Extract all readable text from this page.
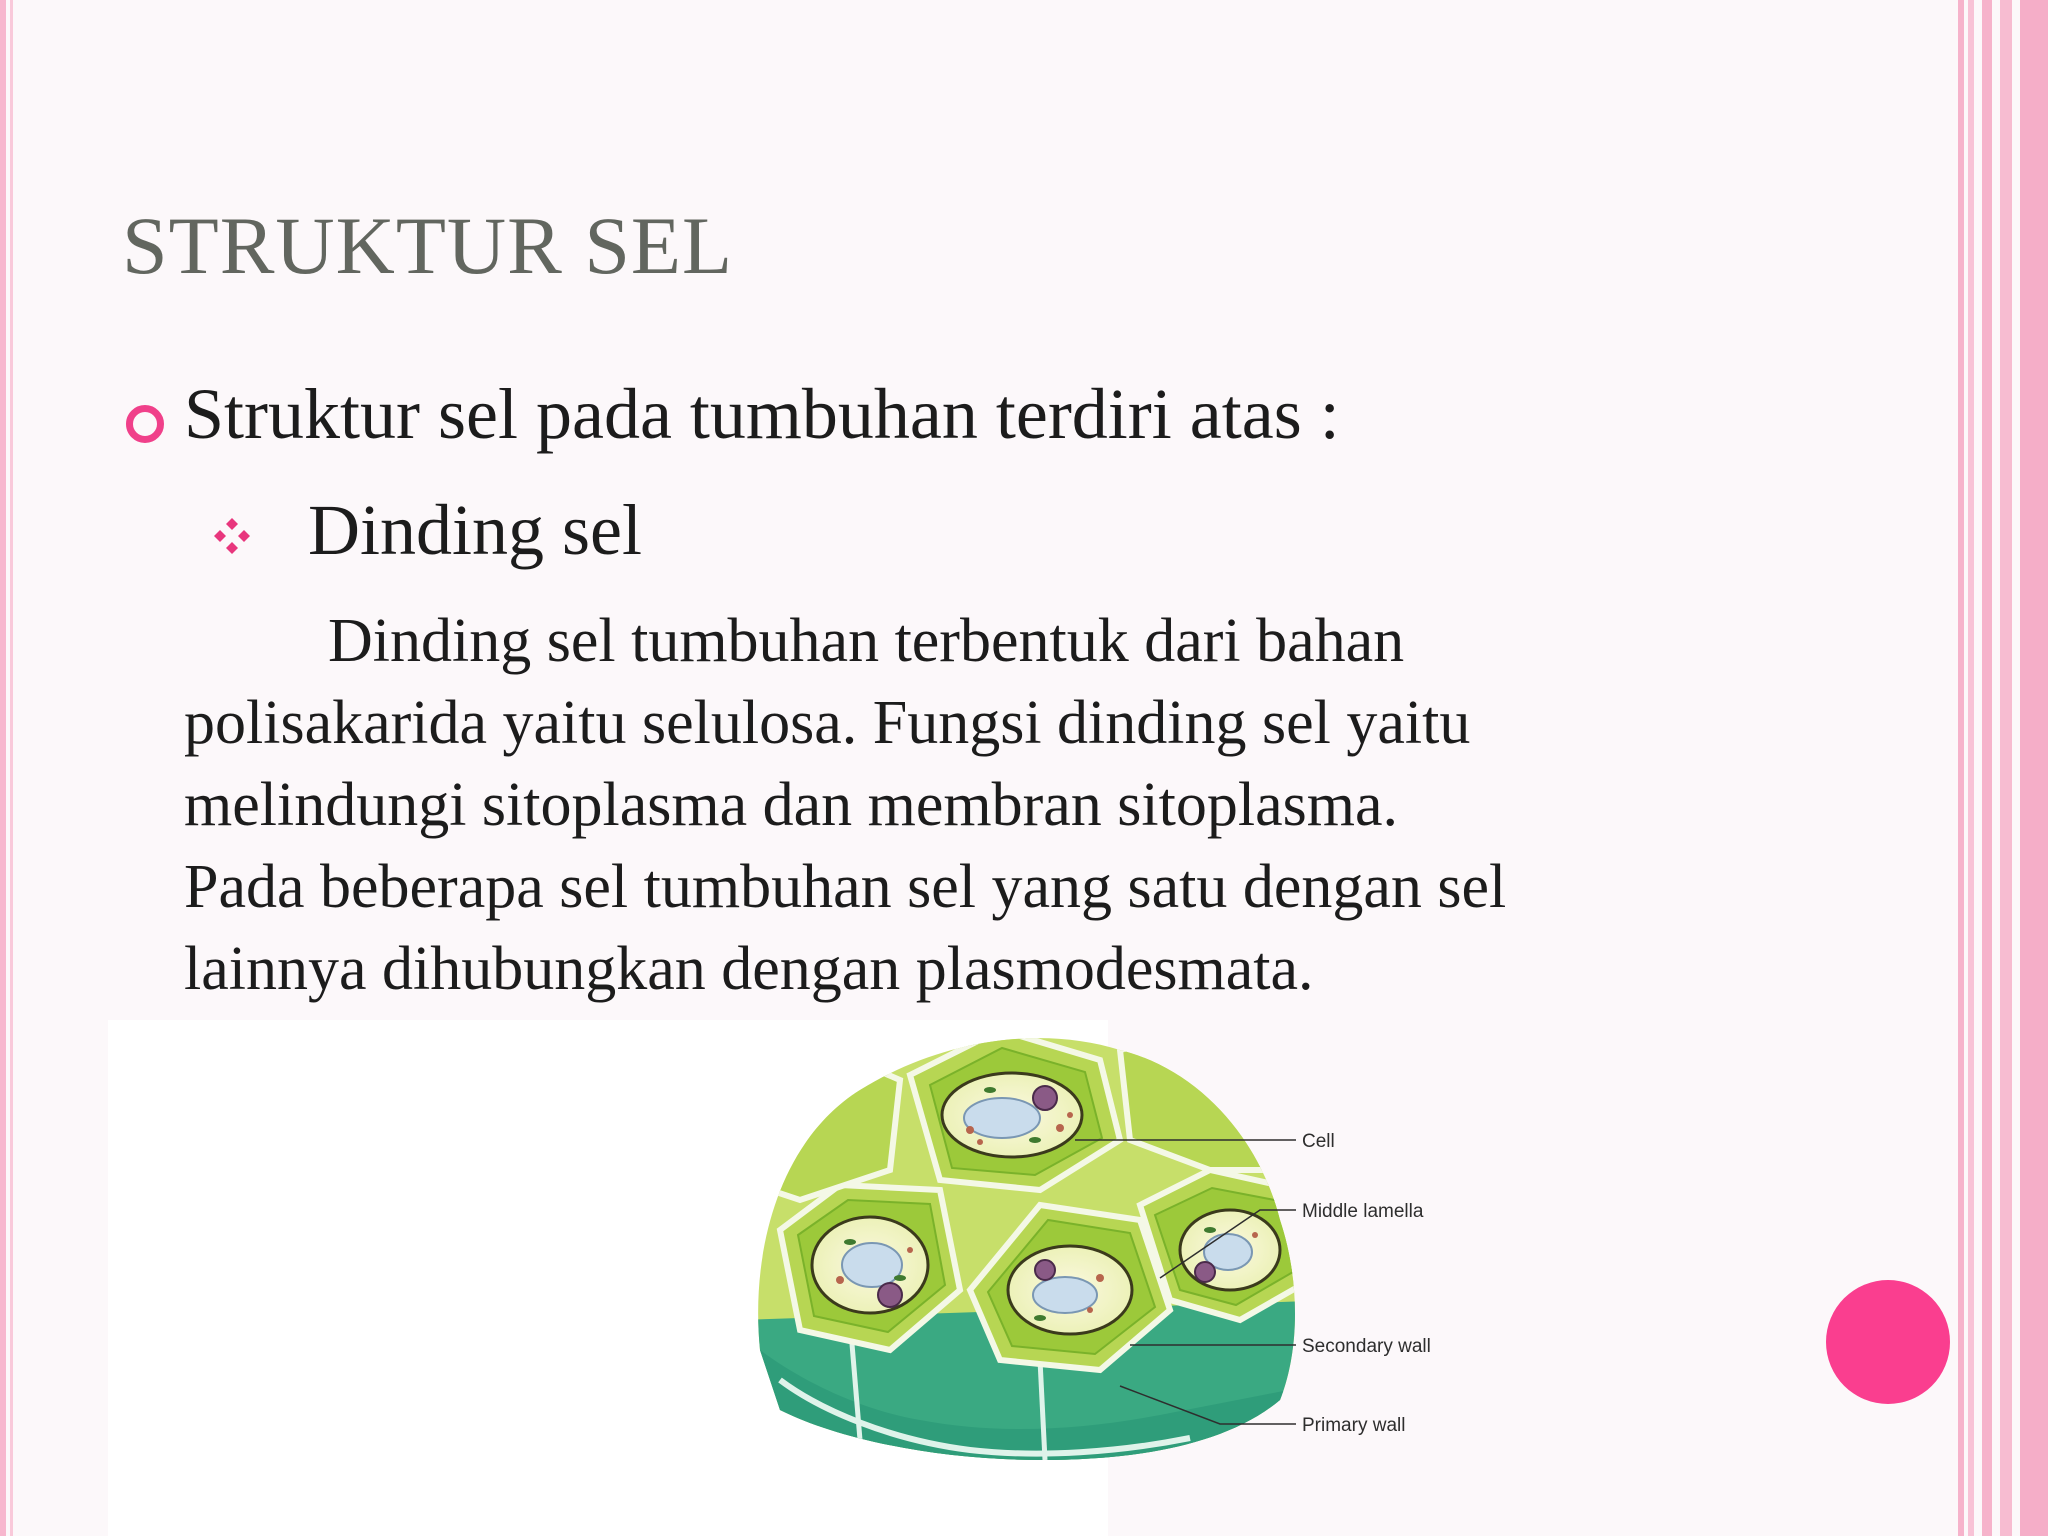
STRUKTUR SEL
Struktur sel pada tumbuhan terdiri atas :
Dinding sel
Dinding sel tumbuhan terbentuk dari bahan
polisakarida yaitu selulosa. Fungsi dinding sel yaitu
melindungi sitoplasma dan membran sitoplasma.
Pada beberapa sel tumbuhan sel yang satu dengan sel
lainnya dihubungkan dengan plasmodesmata.
Cell
Middle lamella
Secondary wall
Primary wall
